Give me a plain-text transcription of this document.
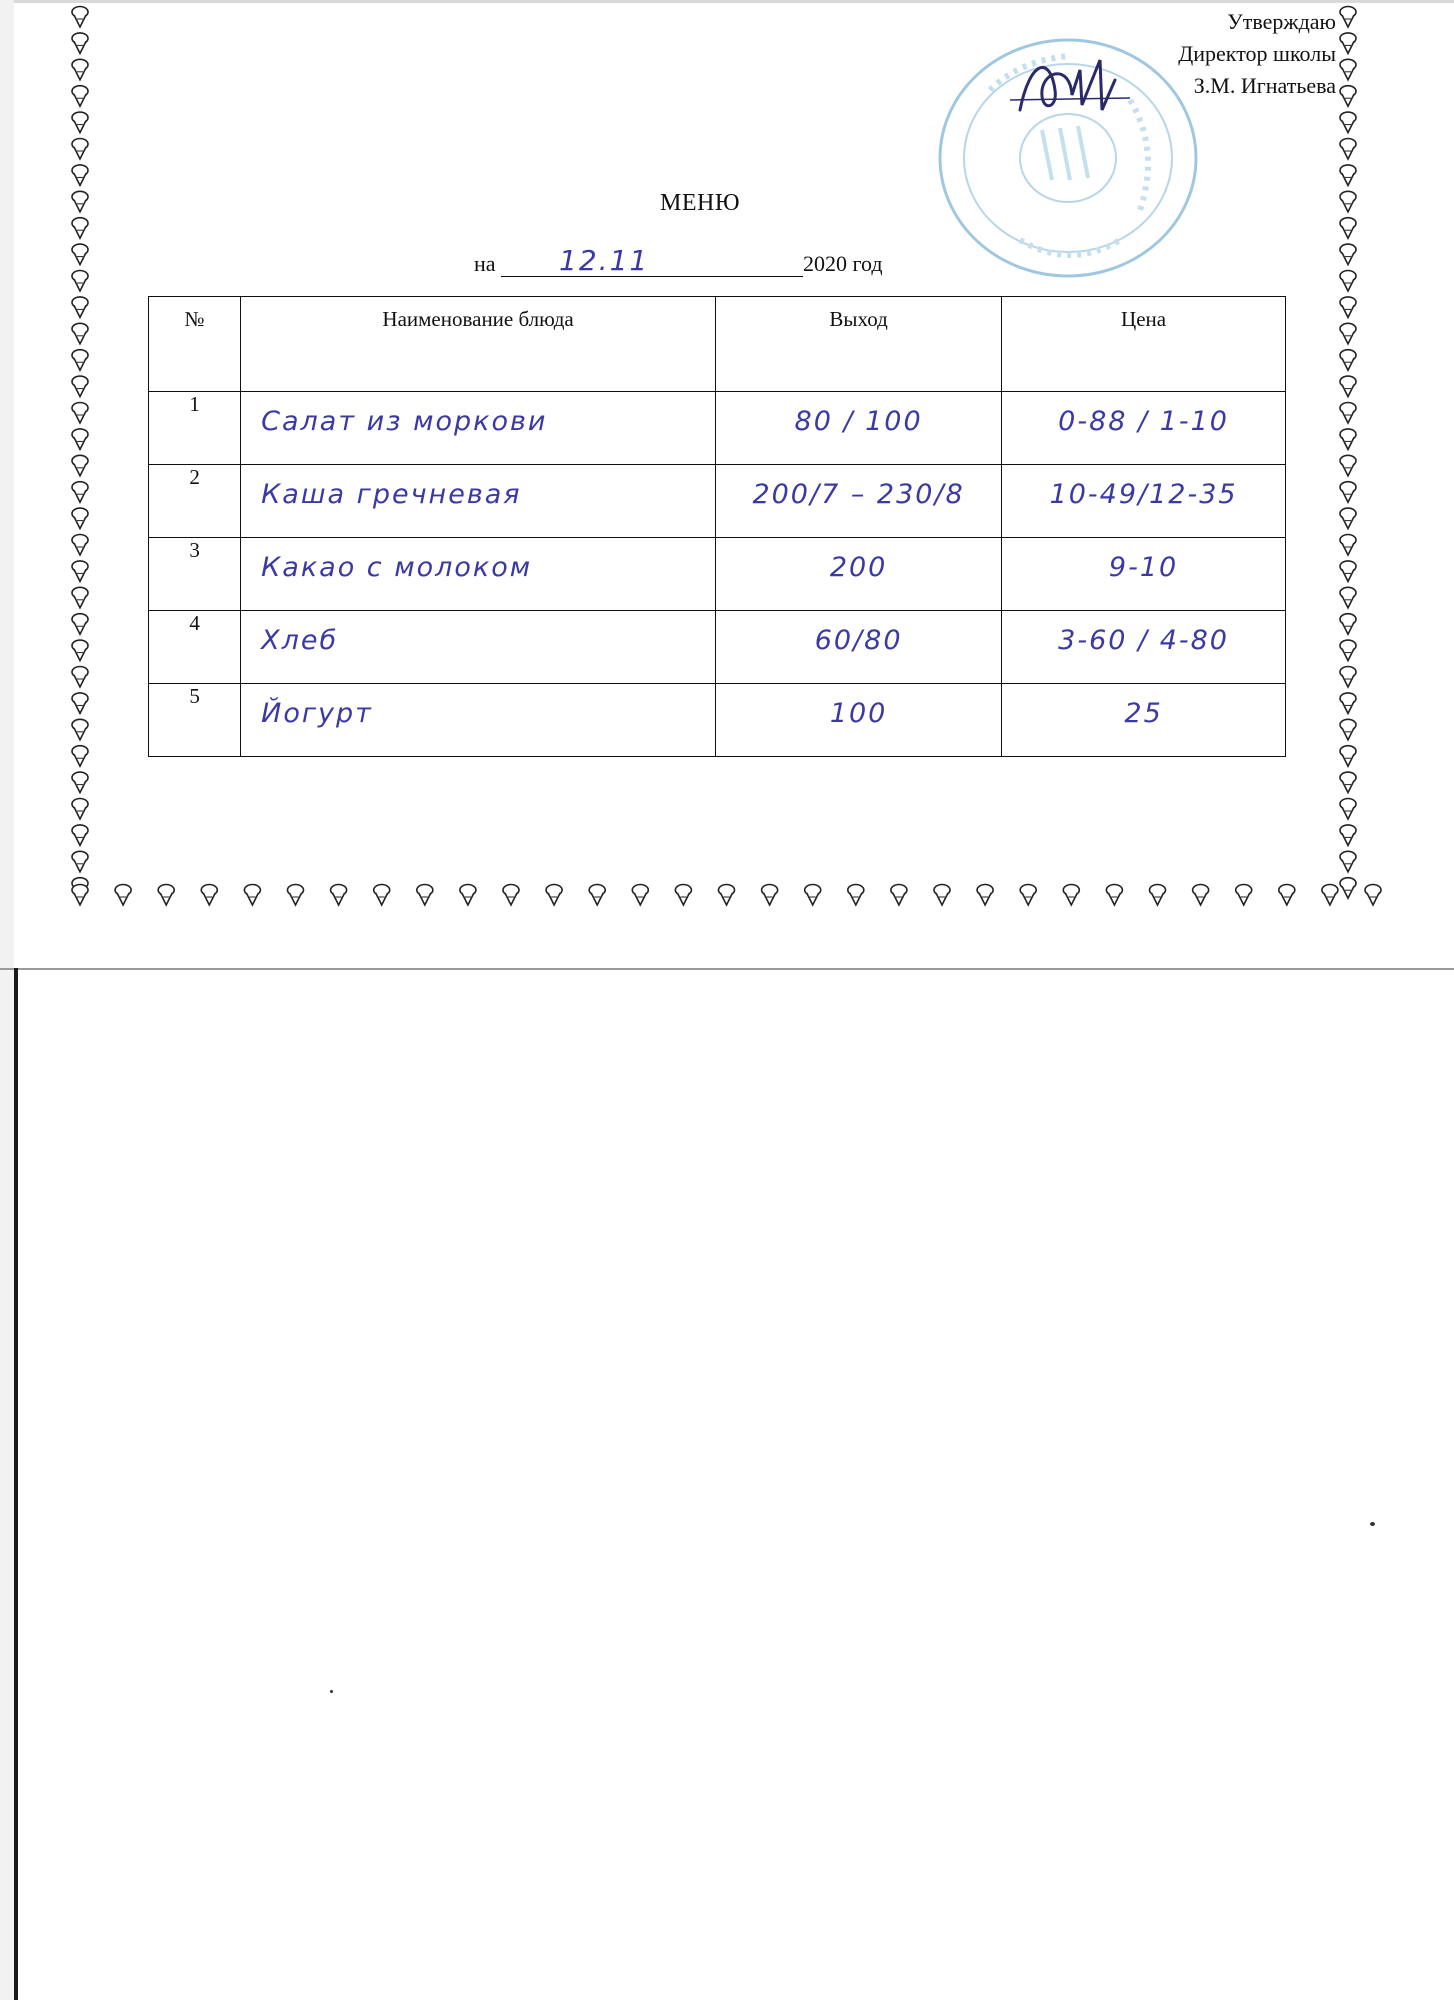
Утверждаю
Директор школы
З.М. Игнатьева
МЕНЮ
на 12.11	2020 год
№	Наименование блюда	Выход	Цена
1	Салат из моркови	80 / 100	0-88 / 1-10

2	Каша гречневая	200/7 – 230/8	10-49/12-35

3	Какао с молоком	200	9-10

4	Хлеб	60/80	3-60 / 4-80

5	Йогурт	100	25
